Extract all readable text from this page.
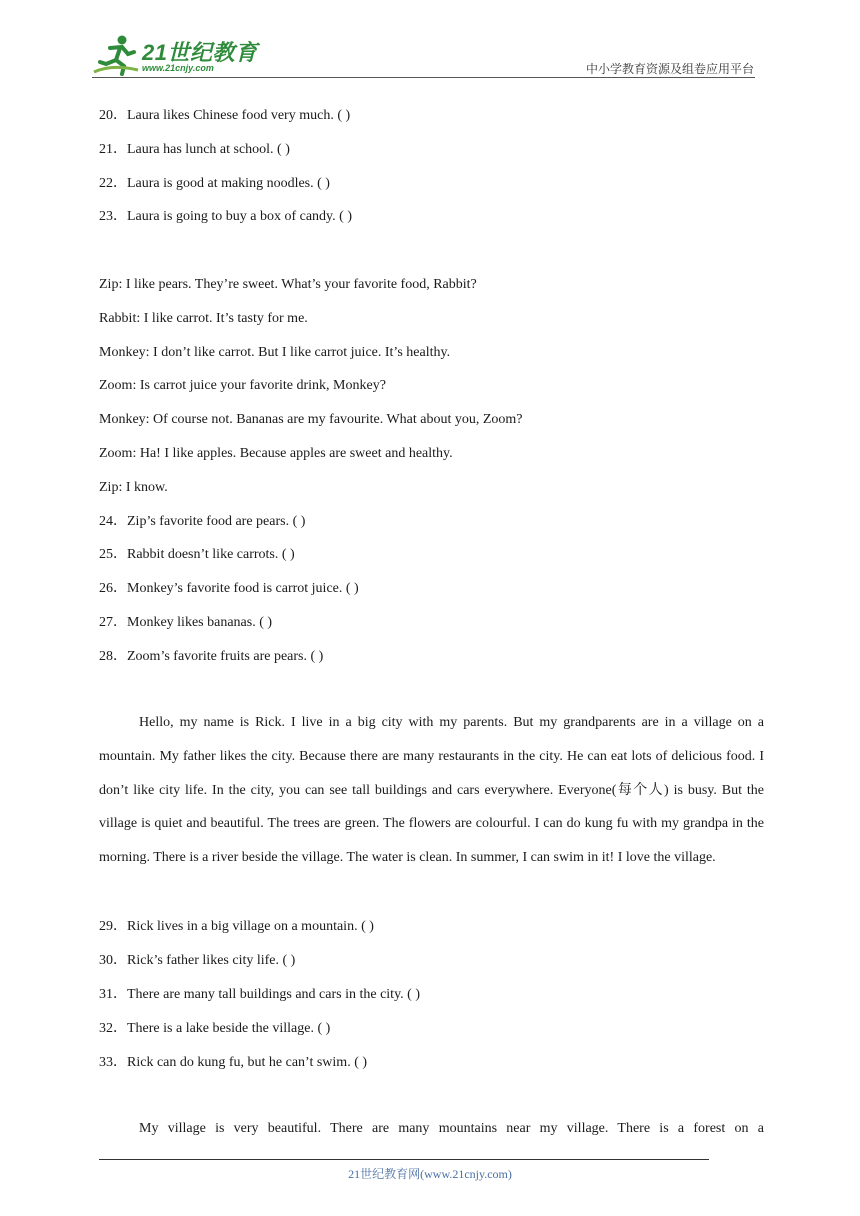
21世纪教育
www.21cnjy.com	中小学教育资源及组卷应用平台
20．Laura likes Chinese food very much. ( )
21．Laura has lunch at school. ( )
22．Laura is good at making noodles. ( )
23．Laura is going to buy a box of candy. ( )
Zip: I like pears. They’re sweet. What’s your favorite food, Rabbit?
Rabbit: I like carrot. It’s tasty for me.
Monkey: I don’t like carrot. But I like carrot juice. It’s healthy.
Zoom: Is carrot juice your favorite drink, Monkey?
Monkey: Of course not. Bananas are my favourite. What about you, Zoom?
Zoom: Ha! I like apples. Because apples are sweet and healthy.
Zip: I know.
24．Zip’s favorite food are pears. ( )
25．Rabbit doesn’t like carrots. ( )
26．Monkey’s favorite food is carrot juice. ( )
27．Monkey likes bananas. ( )
28．Zoom’s favorite fruits are pears. ( )
29．Rick lives in a big village on a mountain. ( )
30．Rick’s father likes city life. ( )
31．There are many tall buildings and cars in the city. ( )
32．There is a lake beside the village. ( )
33．Rick can do kung fu, but he can’t swim. ( )

Hello, my name is Rick. I live in a big city with my parents. But my grandparents are in a village on a mountain. My father likes the city. Because there are many restaurants in the city. He can eat lots of delicious food. I don’t like city life. In the city, you can see tall buildings and cars everywhere. Everyone(每个人) is busy. But the village is quiet and beautiful. The trees are green. The flowers are colourful. I can do kung fu with my grandpa in the morning. There is a river beside the village. The water is clean. In summer, I can swim in it! I love the village.

My village is very beautiful. There are many mountains near my village. There is a forest on a

21世纪教育网(www.21cnjy.com)
